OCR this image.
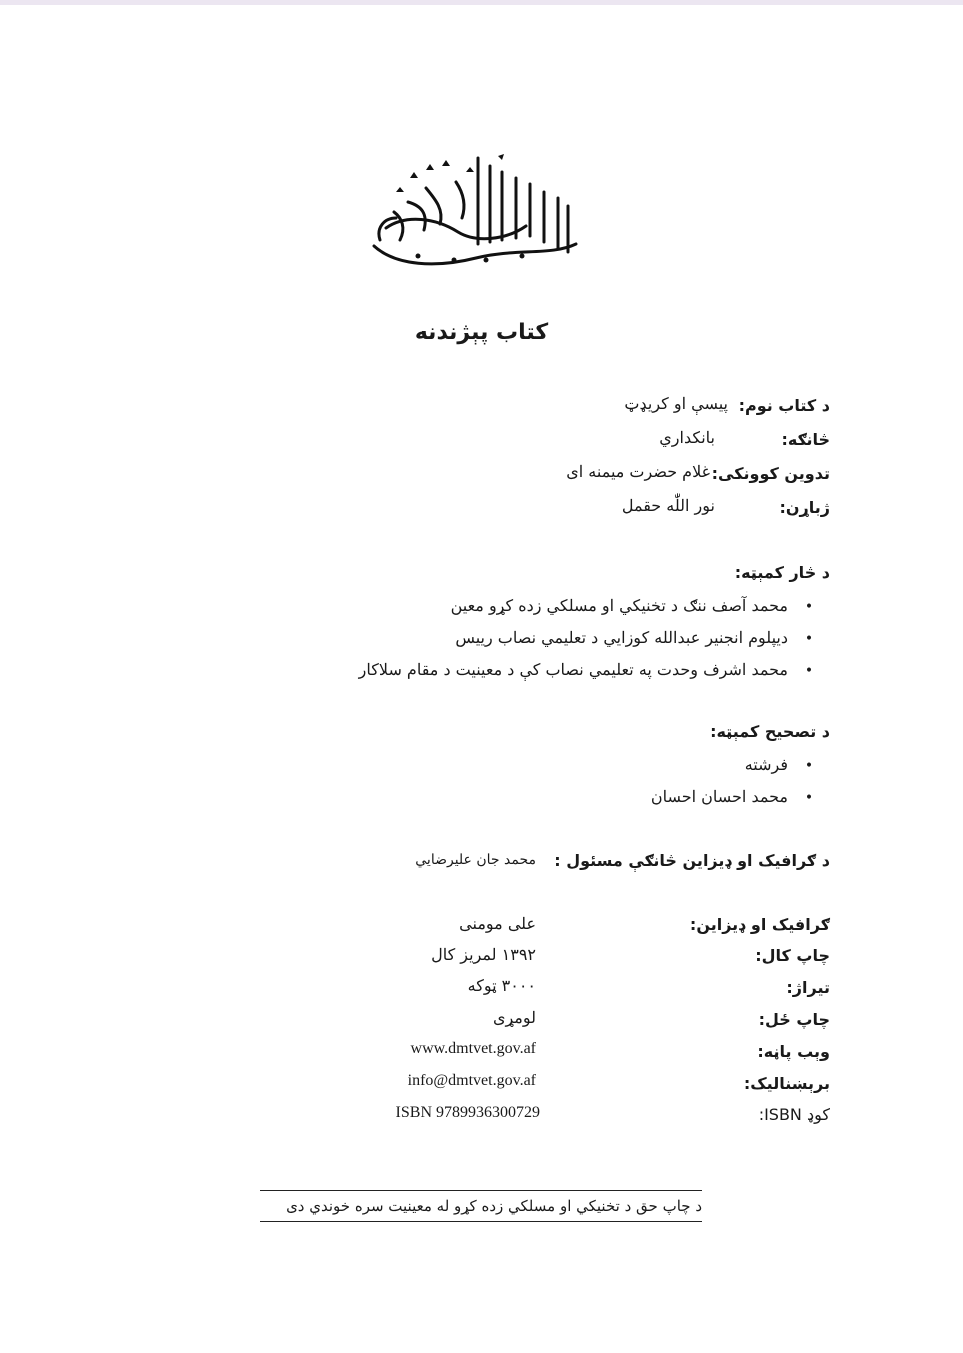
کتاب پېژندنه
د کتاب نوم:
پیسې او کریډټ
څانګه:
بانکداري
تدوین کوونکی:
غلام حضرت میمنه ای
ژباړن:
نور اللّٰه حقمل
د څار کمېټه:
•محمد آصف ننګ د تخنیکي او مسلکي زده کړو معین
•دیپلوم انجنیر عبدالله کوزایي د تعلیمي نصاب رییس
•محمد اشرف وحدت په تعلیمي نصاب کې د معینیت د مقام سلاکار
د تصحیح کمېټه:
•فرشته
•محمد احسان احسان
د ګرافیک او ډیزاین څانګې مسئول :
محمد جان علیرضایي
ګرافیک او ډیزاین:
علی مومنی
چاپ کال:
۱۳۹۲ لمریز کال
تیراژ:
۳۰۰۰ ټوکه
چاپ ځل:
لومړی
وېب پاڼه:
www.dmtvet.gov.af
برېښنالیک:
info@dmtvet.gov.af
کوډ ISBN:
ISBN 9789936300729
د چاپ حق د تخنیکي او مسلکي زده کړو له معینیت سره خوندي دی
